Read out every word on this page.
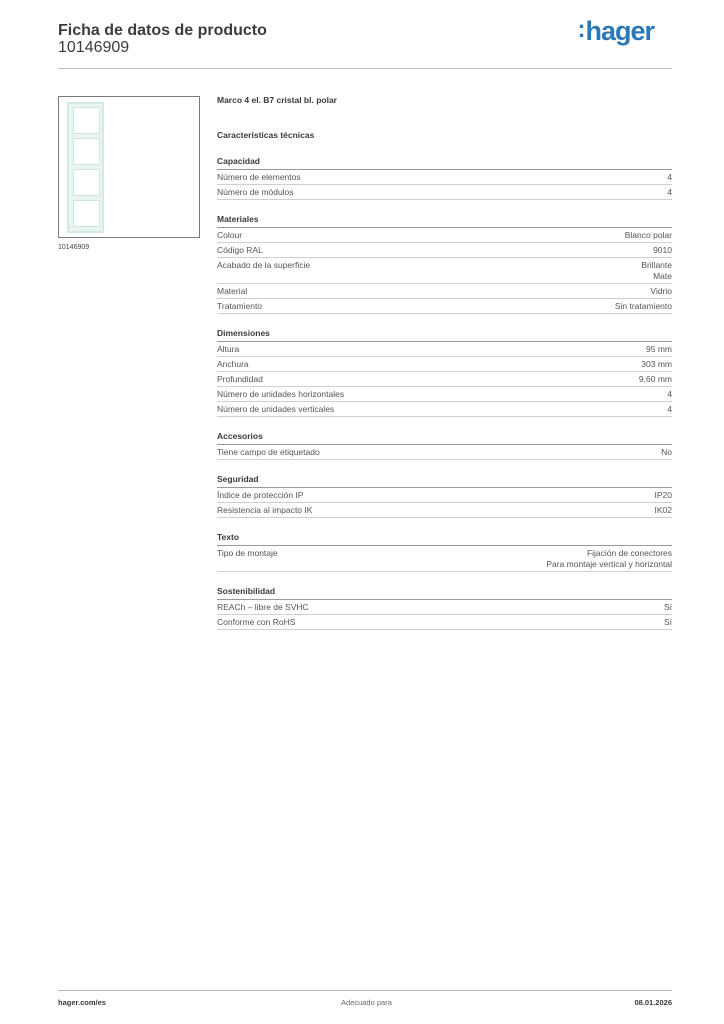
Ficha de datos de producto
10146909
:hager
10146909
Marco 4 el. B7 cristal bl. polar
Características técnicas
Capacidad
Número de elementos	4
Número de módulos	4
Materiales
Colour	Blanco polar
Código RAL	9010
Acabado de la superficie	Brillante
Mate
Material	Vidrio
Tratamiento	Sin tratamiento
Dimensiones
Altura	95 mm
Anchura	303 mm
Profundidad	9,60 mm
Número de unidades horizontales	4
Número de unidades verticales	4
Accesorios
Tiene campo de etiquetado	No
Seguridad
Índice de protección IP	IP20
Resistencia al impacto IK	IK02
Texto
Tipo de montaje	Fijación de conectores
Para montaje vertical y horizontal
Sostenibilidad
REACh – libre de SVHC	Sí
Conforme con RoHS	Sí
hager.com/es	Adecuado para	08.01.2026
